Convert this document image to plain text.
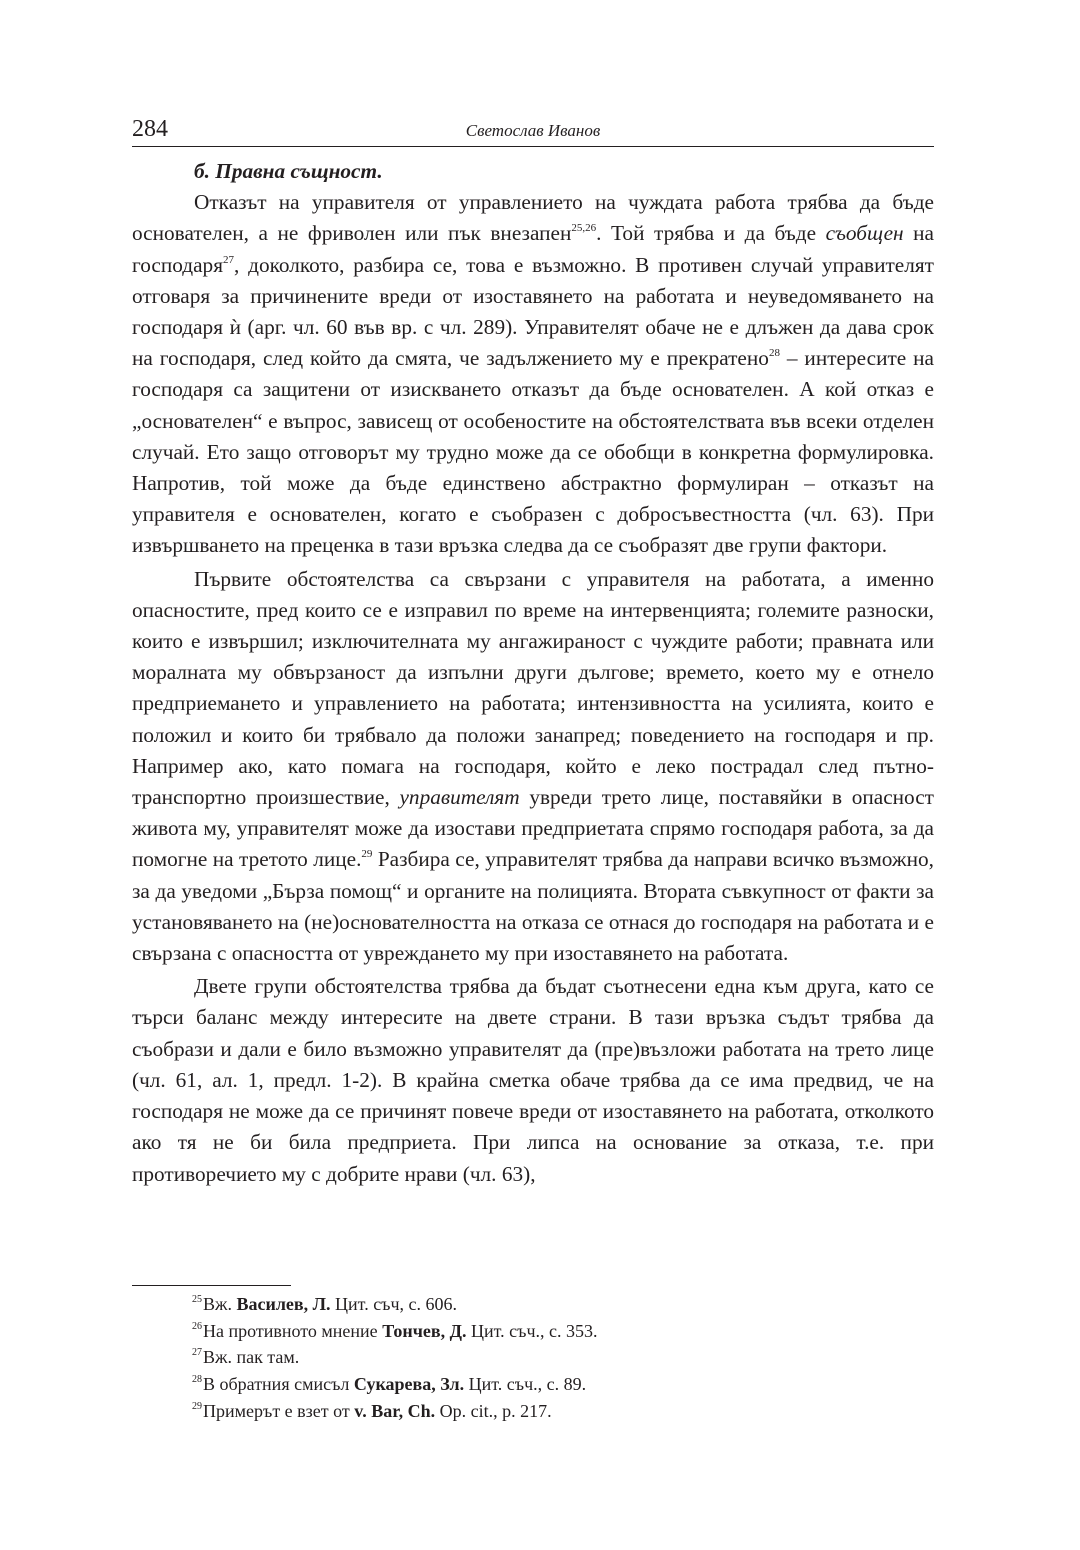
284	Светослав Иванов

б. Правна същност.

Отказът на управителя от управлението на чуждата работа трябва да бъде основателен, а не фриволен или пък внезапен$^{25,26}$. Той трябва и да бъде съобщен на господаря$^{27}$, доколкото, разбира се, това е възможно. В противен случай управителят отговаря за причинените вреди от изоставянето на работата и неуведомяването на господаря ѝ (арг. чл. 60 във вр. с чл. 289). Управителят обаче не е длъжен да дава срок на господаря, след който да смята, че задължението му е прекратено$^{28}$ – интересите на господаря са защитени от изискването отказът да бъде основателен. А кой отказ е „основателен“ е въпрос, зависещ от особеностите на обстоятелствата във всеки отделен случай. Ето защо отговорът му трудно може да се обобщи в конкретна формулировка. Напротив, той може да бъде единствено абстрактно формулиран – отказът на управителя е основателен, когато е съобразен с добросъвестността (чл. 63). При извършването на преценка в тази връзка следва да се съобразят две групи фактори.

Първите обстоятелства са свързани с управителя на работата, а именно опасностите, пред които се е изправил по време на интервенцията; големите разноски, които е извършил; изключителната му ангажираност с чуждите работи; правната или моралната му обвързаност да изпълни други дългове; времето, което му е отнело предприемането и управлението на работата; интензивността на усилията, които е положил и които би трябвало да положи занапред; поведението на господаря и пр. Например ако, като помага на господаря, който е леко пострадал след пътно-транспортно произшествие, управителят увреди трето лице, поставяйки в опасност живота му, управителят може да изостави предприетата спрямо господаря работа, за да помогне на третото лице.$^{29}$ Разбира се, управителят трябва да направи всичко възможно, за да уведоми „Бърза помощ“ и органите на полицията. Втората съвкупност от факти за установяването на (не)основателността на отказа се отнася до господаря на работата и е свързана с опасността от увреждането му при изоставянето на работата.

Двете групи обстоятелства трябва да бъдат съотнесени една към друга, като се търси баланс между интересите на двете страни. В тази връзка съдът трябва да съобрази и дали е било възможно управителят да (пре)възложи работата на трето лице (чл. 61, ал. 1, предл. 1-2). В крайна сметка обаче трябва да се има предвид, че на господаря не може да се причинят повече вреди от изоставянето на работата, отколкото ако тя не би била предприета. При липса на основание за отказа, т.е. при противоречието му с добрите нрави (чл. 63),

$^{25}$Вж. Василев, Л. Цит. съч, с. 606.
$^{26}$На противното мнение Тончев, Д. Цит. съч., с. 353.
$^{27}$Вж. пак там.
$^{28}$В обратния смисъл Сукарева, Зл. Цит. съч., с. 89.
$^{29}$Примерът е взет от v. Bar, Ch. Op. cit., p. 217.
